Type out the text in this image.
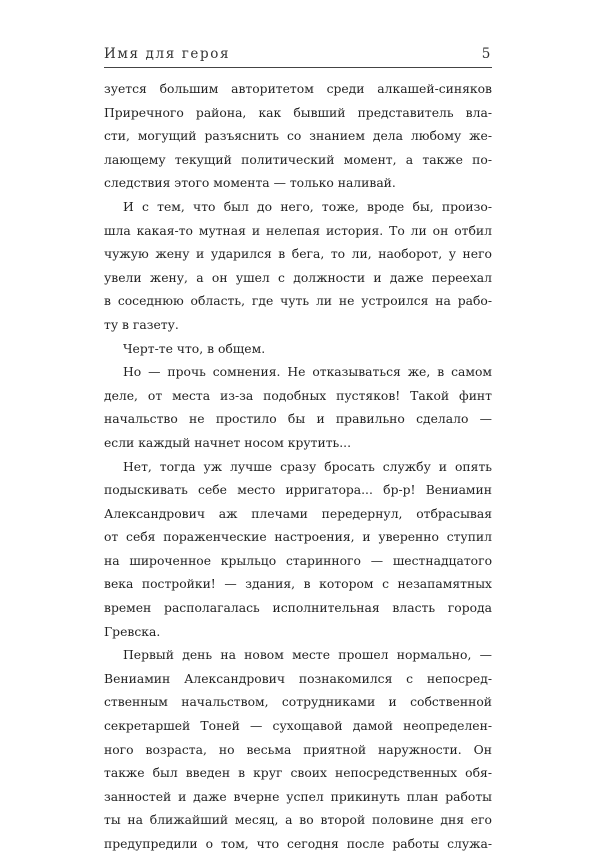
Имя для героя	5
зуется большим авторитетом среди алкашей-синяков
Приречного района, как бывший представитель вла-
сти, могущий разъяснить со знанием дела любому же-
лающему текущий политический момент, а также по-
следствия этого момента — только наливай.
И с тем, что был до него, тоже, вроде бы, произо-
шла какая-то мутная и нелепая история. То ли он отбил
чужую жену и ударился в бега, то ли, наоборот, у него
увели жену, а он ушел с должности и даже переехал
в соседнюю область, где чуть ли не устроился на рабо-
ту в газету.
Черт-те что, в общем.
Но — прочь сомнения. Не отказываться же, в самом
деле, от места из-за подобных пустяков! Такой финт
начальство не простило бы и правильно сделало —
если каждый начнет носом крутить...
Нет, тогда уж лучше сразу бросать службу и опять
подыскивать себе место ирригатора... бр-р! Вениамин
Александрович аж плечами передернул, отбрасывая
от себя пораженческие настроения, и уверенно ступил
на широченное крыльцо старинного — шестнадцатого
века постройки! — здания, в котором с незапамятных
времен располагалась исполнительная власть города
Гревска.
Первый день на новом месте прошел нормально, —
Вениамин Александрович познакомился с непосред-
ственным начальством, сотрудниками и собственной
секретаршей Тоней — сухощавой дамой неопределен-
ного возраста, но весьма приятной наружности. Он
также был введен в круг своих непосредственных обя-
занностей и даже вчерне успел прикинуть план работы
ты на ближайший месяц, а во второй половине дня его
предупредили о том, что сегодня после работы служа-
